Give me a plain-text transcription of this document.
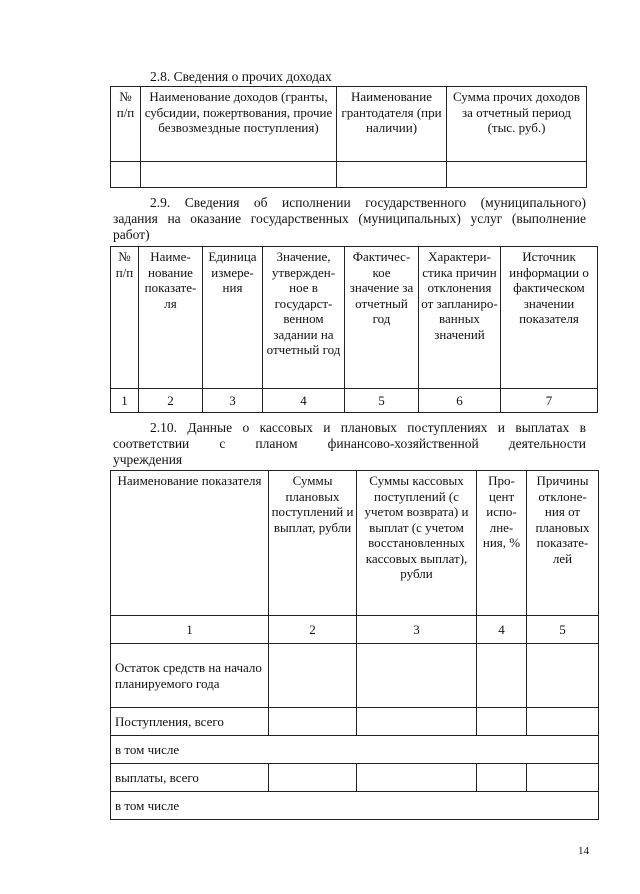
2.8. Сведения о прочих доходах
№ п/п	Наименование доходов (гранты, субсидии, пожертвования, прочие безвозмездные поступления)	Наименование грантодателя (при наличии)	Сумма прочих доходов за отчетный период (тыс. руб.)

2.9. Сведения об исполнении государственного (муниципального)
задания на оказание государственных (муниципальных) услуг (выполнение
работ)
№ п/п	Наиме-нование показате-ля	Единица измере-ния	Значение, утвержден-ное в государст-венном задании на отчетный год	Фактичес-кое значение за отчетный год	Характери-стика причин отклонения от запланиро-ванных значений	Источник информации о фактическом значении показателя
1	2	3	4	5	6	7
2.10. Данные о кассовых и плановых поступлениях и выплатах в
соответствии с планом финансово-хозяйственной деятельности
учреждения
Наименование показателя	Суммы плановых поступлений и выплат, рубли	Суммы кассовых поступлений (с учетом возврата) и выплат (с учетом восстановленных кассовых выплат), рубли	Про-цент испо-лне-ния, %	Причины отклоне-ния от плановых показате-лей
1	2	3	4	5
Остаток средств на начало планируемого года				
Поступления, всего				
в том числе				
выплаты, всего				
в том числе				
14
